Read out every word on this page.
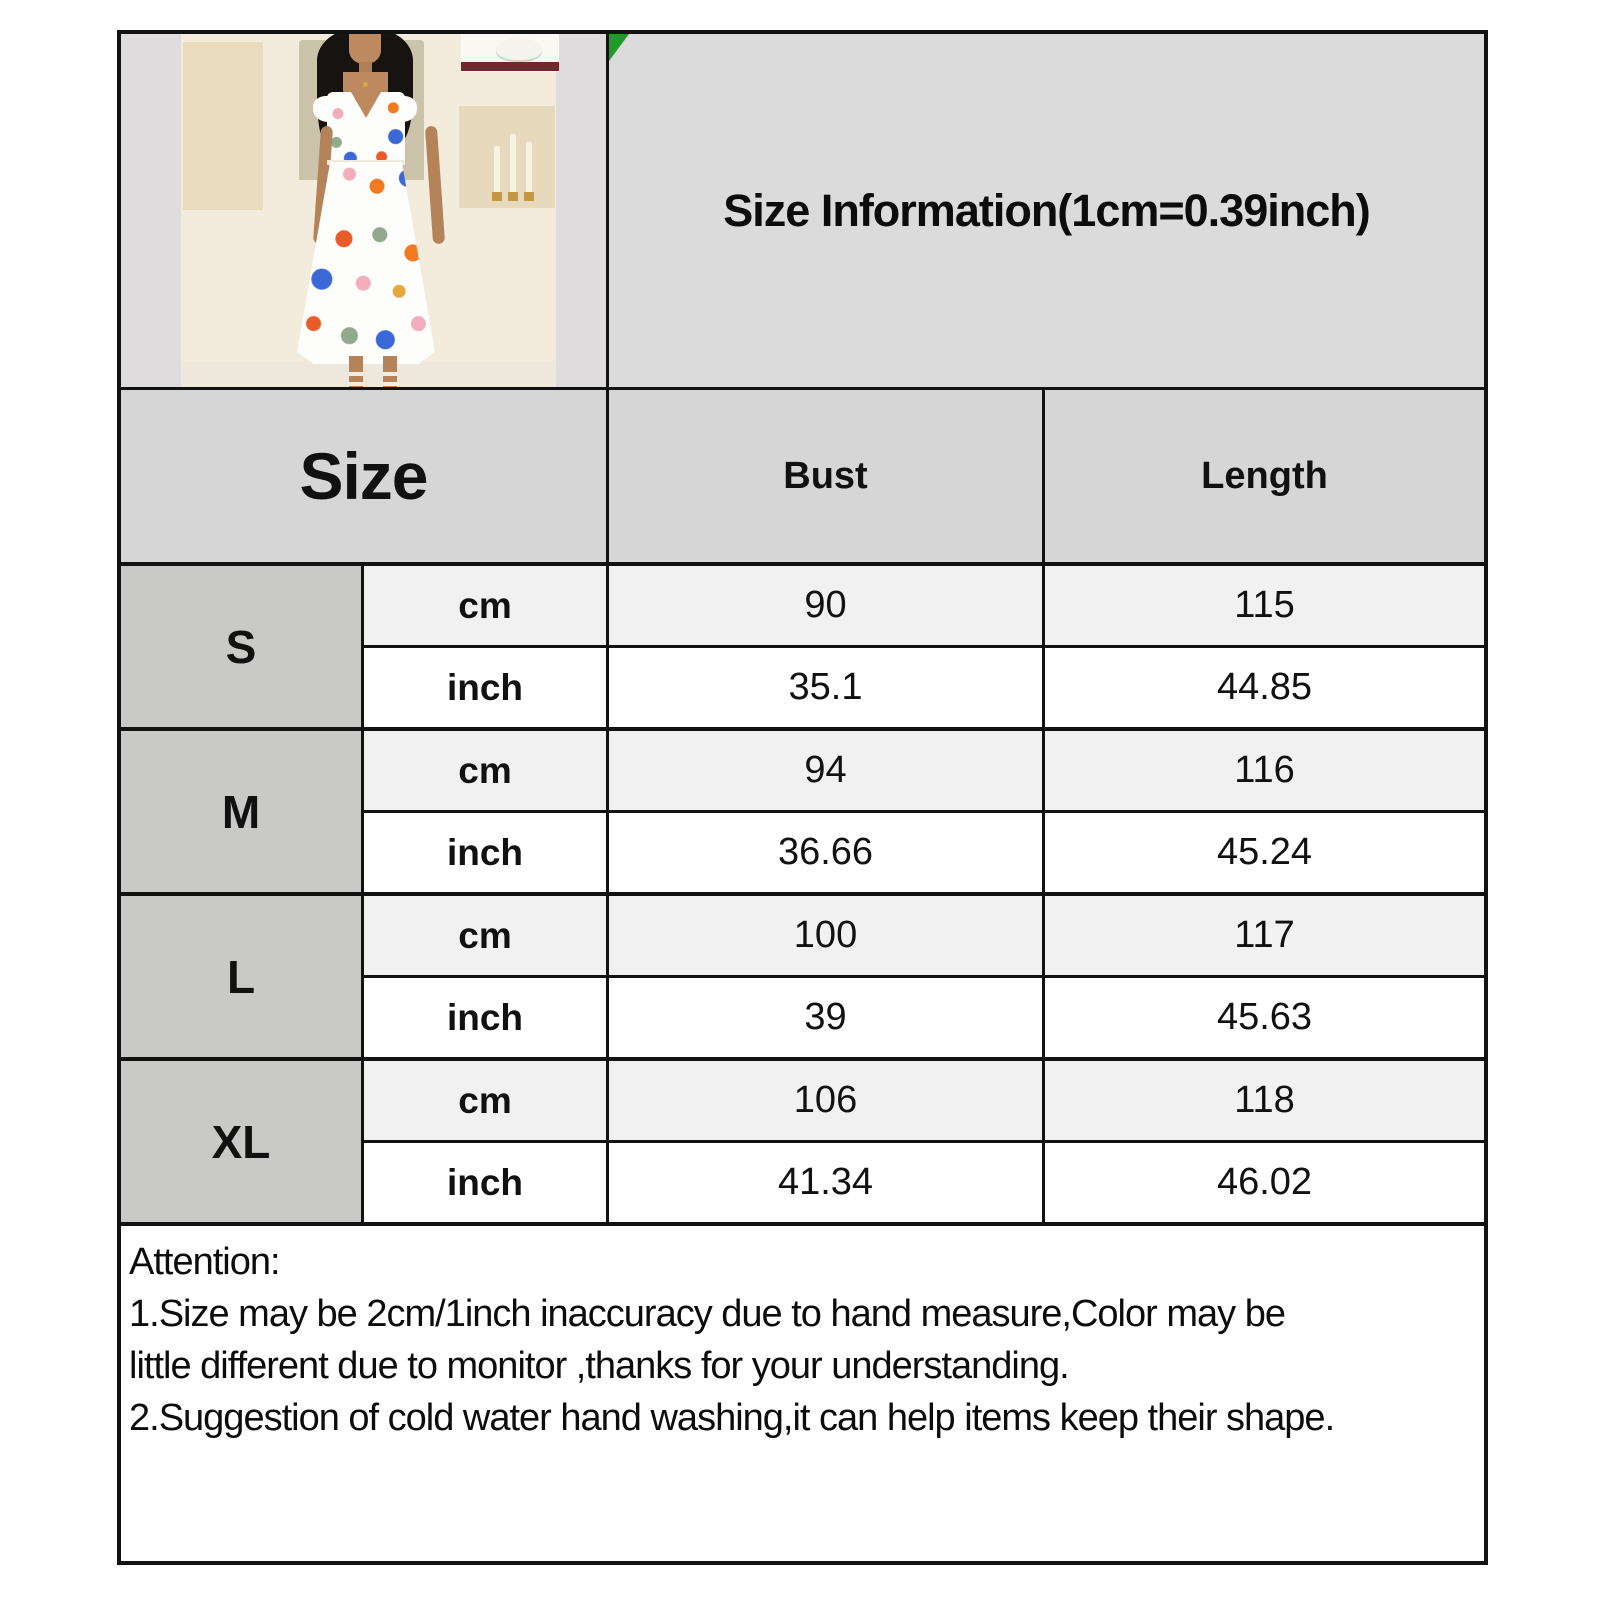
Size Information(1cm=0.39inch)
Size	Bust	Length
S
cm
inch
90
35.1
115
44.85
M
cm
inch
94
36.66
116
45.24
L
cm
inch
100
39
117
45.63
XL
cm
inch
106
41.34
118
46.02
Attention:
1.Size may be 2cm/1inch inaccuracy due to hand measure,Color may be
little different due to monitor ,thanks for your understanding.
2.Suggestion of cold water hand washing,it can help items keep their shape.
